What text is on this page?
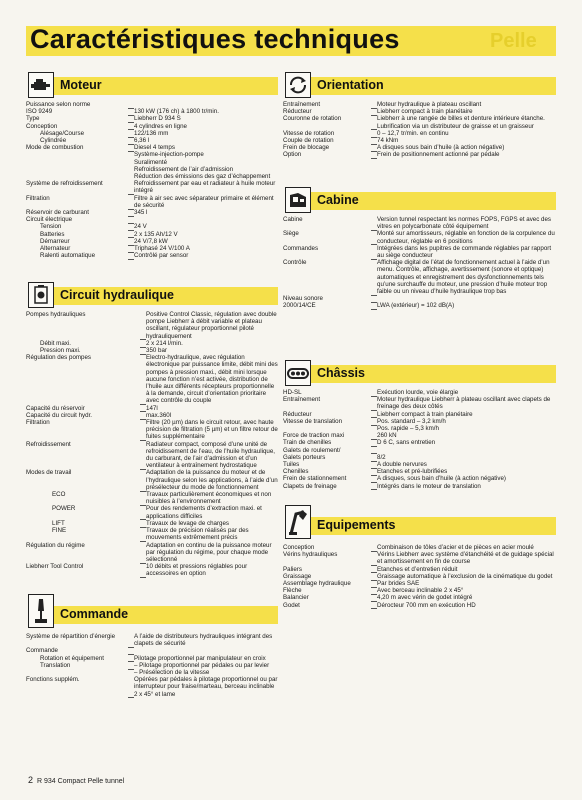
Caractéristiques techniques	Pelle
Moteur
Puissance selon norme		
ISO 9249		130 kW (176 ch) à 1800 tr/min.
Type		Liebherr D 934 S
Conception		4 cylindres en ligne
Alésage/Course		122/136 mm
Cylindrée		6,36 l
Mode de combustion		Diesel 4 temps
		Système-injection-pompe
		Suralimenté
		Refroidissement de l’air d’admission
		Réduction des émissions des gaz d’échappement
Système de refroidissement		Refroidissement par eau et radiateur à huile moteur intégré
Filtration		Filtre à air sec avec séparateur primaire et élément de sécurité
Réservoir de carburant		345 l
Circuit électrique		
Tension		24 V
Batteries		2 x 135 Ah/12 V
Démarreur		24 V/7,8 kW
Alternateur		Triphasé 24 V/100 A
Ralenti automatique		Contrôlé par sensor
Circuit hydraulique
Pompes hydrauliques		Positive Control Classic, régulation avec double pompe Liebherr à débit variable et plateau oscillant, régulateur proportionnel piloté hydrauliquement
Débit maxi.		2 x 214 l/min.
Pression maxi.		350 bar
Régulation des pompes		Electro-hydraulique, avec régulation électronique par puissance limite, débit mini des pompes à pression maxi., débit mini lorsque aucune fonction n’est activée, distribution de l’huile aux différents récepteurs proportionnelle à la demande, circuit d’orientation prioritaire avec contrôle du couple
Capacité du réservoir		147l
Capacité du circuit hydr.		max.360l
Filtration		Filtre (20 µm) dans le circuit retour, avec haute précision de filtration (5 µm) et un filtre retour de fuites supplémentaire
Refroidissement		Radiateur compact, composé d’une unité de refroidissement de l’eau, de l’huile hydraulique, du carburant, de l’air d’admission et d’un ventilateur à entraînement hydrostatique
Modes de travail		Adaptation de la puissance du moteur et de l’hydraulique selon les applications, à l’aide d’un présélecteur du mode de fonctionnement
ECO		Travaux particulièrement économiques et non nuisibles à l’environnement
POWER		Pour des rendements d’extraction maxi. et applications difficiles
LIFT		Travaux de levage de charges
FINE		Travaux de précision réalisés par des mouvements extrêmement précis
Régulation du régime		Adaptation en continu de la puissance moteur par régulation du régime, pour chaque mode sélectionné
Liebherr Tool Control		10 débits et pressions réglables pour accessoires en option
Commande
Système de répartition d’énergie		A l’aide de distributeurs hydrauliques intégrant des clapets de sécurité
Commande		
Rotation et équipement		Pilotage proportionnel par manipulateur en croix
Translation		– Pilotage proportionnel par pédales ou par levier
		– Présélection de la vitesse
Fonctions supplém.		Opérées par pédales à pilotage proportionnel ou par interrupteur pour fraise/marteau, berceau inclinable 2 x 45° et lame
Orientation
Entraînement		Moteur hydraulique à plateau oscillant
Réducteur		Liebherr compact à train planétaire
Couronne de rotation		Liebherr à une rangée de billes et denture intérieure étanche. Lubrification via un distributeur de graisse et un graisseur
Vitesse de rotation		0 – 12,7 tr/min. en continu
Couple de rotation		74 kNm
Frein de blocage		A disques sous bain d’huile (à action négative)
Option		Frein de positionnement actionné par pédale
Cabine
Cabine		Version tunnel respectant les normes FOPS, FGPS et avec des vitres en polycarbonate côté équipement
Siège		Monté sur amortisseurs, réglable en fonction de la corpulence du conducteur, réglable en 6 positions
Commandes		Intégrées dans les pupitres de commande réglables par rapport au siège conducteur
Contrôle		Affichage digital de l’état de fonctionnement actuel à l’aide d’un menu. Contrôle, affichage, avertissement (sonore et optique) automatiques et enregistrement des dysfonctionnements tels qu’une surchauffe du moteur, une pression d’huile moteur trop faible ou un niveau d’huile hydraulique trop bas
Niveau sonore		
2000/14/CE		LWA (extérieur) = 102 dB(A)
Châssis
HD-SL		Exécution lourde, voie élargie
Entraînement		Moteur hydraulique Liebherr à plateau oscillant avec clapets de freinage des deux côtés
Réducteur		Liebherr compact à train planétaire
Vitesse de translation		Pos. standard – 3,2 km/h
		Pos. rapide – 5,3 km/h
Force de traction maxi		260 kN
Train de chenilles		D 6 C, sans entretien
Galets de roulement/		
Galets porteurs		8/2
Tuiles		A double nervures
Chenilles		Etanches et pré-lubrifiées
Frein de stationnement		A disques, sous bain d’huile (à action négative)
Clapets de freinage		Intégrés dans le moteur de translation
Equipements
Conception		Combinaison de tôles d’acier et de pièces en acier moulé
Vérins hydrauliques		Vérins Liebherr avec système d’étanchéité et de guidage spécial et amortissement en fin de course
Paliers		Etanches et d’entretien réduit
Graissage		Graissage automatique à l’exclusion de la cinématique du godet
Assemblage hydraulique		Par brides SAE
Flèche		Avec berceau inclinable 2 x 45°
Balancier		4,20 m avec vérin de godet intégré
Godet		Dérocteur 700 mm en exécution HD
2 R 934 Compact Pelle tunnel
